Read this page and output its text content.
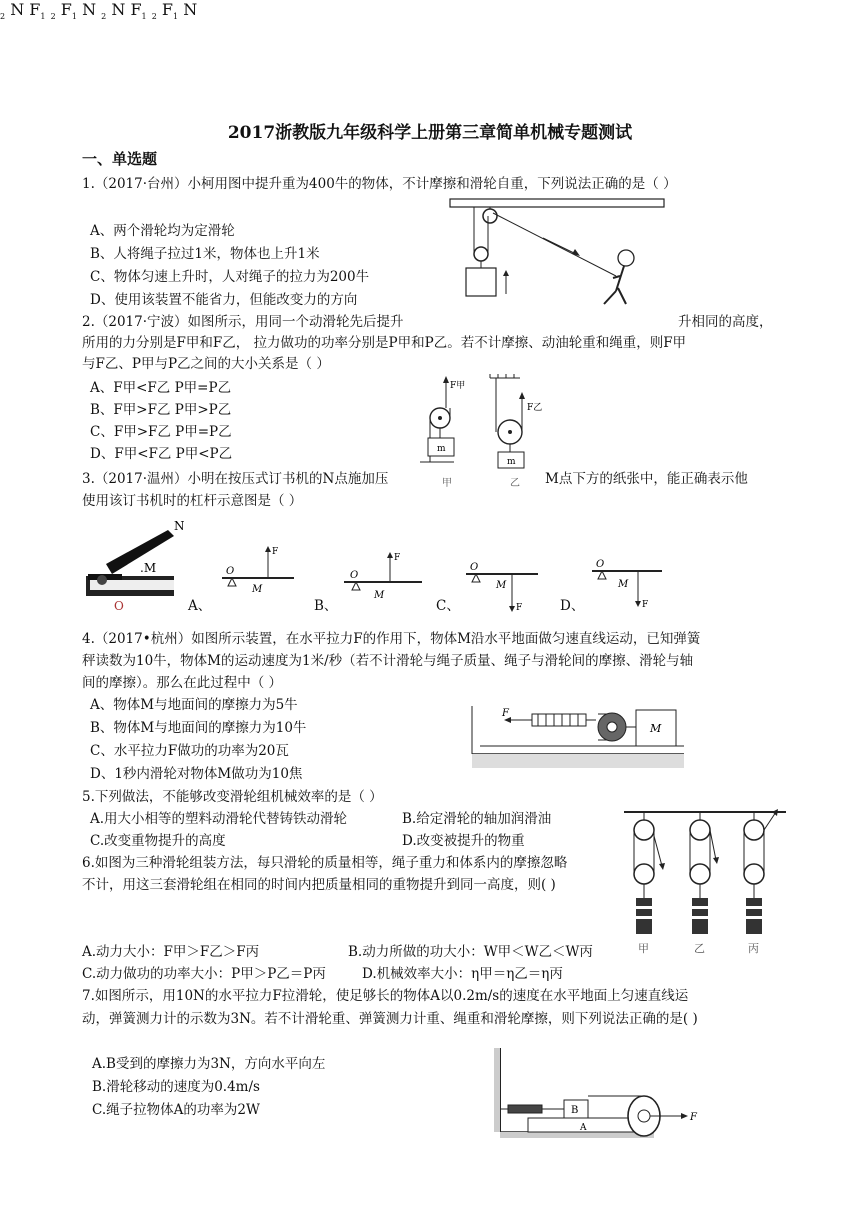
2017浙教版九年级科学上册第三章简单机械专题测试
一、单选题
1.（2017·台州）小柯用图中提升重为400牛的物体，不计摩擦和滑轮自重，下列说法正确的是（ ）
A、两个滑轮均为定滑轮
B、人将绳子拉过1米，物体也上升1米
C、物体匀速上升时，人对绳子的拉力为200牛
D、使用该装置不能省力，但能改变力的方向
2.（2017·宁波）如图所示，用同一个动滑轮先后提升	升相同的高度，
所用的力分别是F甲和F乙， 拉力做功的功率分别是P甲和P乙。若不计摩擦、动油轮重和绳重，则F甲
与F乙、P甲与P乙之间的大小关系是（ ）
A、F甲<F乙 P甲=P乙
B、F甲>F乙 P甲>P乙
C、F甲>F乙 P甲=P乙
D、F甲<F乙 P甲<P乙
F甲
m
F乙
m
甲	乙
3.（2017·温州）小明在按压式订书机的N点施加压	M点下方的纸张中，能正确表示他
使用该订书机时的杠杆示意图是（ ）
N
.M
O	A、	B、	C、	D、
O
M
F
$_2$ N $F_1$
O
M
F
$_2$ $F_1$ N
O
M
F
$_2$ N $F_1$
O
M
F
$_2$ $F_1$ N
4.（2017•杭州）如图所示装置，在水平拉力F的作用下，物体M沿水平地面做匀速直线运动，已知弹簧
秤读数为10牛，物体M的运动速度为1米/秒（若不计滑轮与绳子质量、绳子与滑轮间的摩擦、滑轮与轴
间的摩擦）。那么在此过程中（ ）
A、物体M与地面间的摩擦力为5牛
B、物体M与地面间的摩擦力为10牛
C、水平拉力F做功的功率为20瓦
D、1秒内滑轮对物体M做功为10焦
F
M
5.下列做法，不能够改变滑轮组机械效率的是（ ）
A.用大小相等的塑料动滑轮代替铸铁动滑轮	B.给定滑轮的轴加润滑油
C.改变重物提升的高度	D.改变被提升的物重
6.如图为三种滑轮组装方法，每只滑轮的质量相等，绳子重力和体系内的摩擦忽略
不计，用这三套滑轮组在相同的时间内把质量相同的重物提升到同一高度，则( )
A.动力大小：F甲＞F乙＞F丙	B.动力所做的功大小：W甲＜W乙＜W丙
C.动力做功的功率大小：P甲＞P乙＝P丙	D.机械效率大小：η甲＝η乙＝η丙
甲	乙	丙
7.如图所示，用10N的水平拉力F拉滑轮，使足够长的物体A以0.2m/s的速度在水平地面上匀速直线运
动，弹簧测力计的示数为3N。若不计滑轮重、弹簧测力计重、绳重和滑轮摩擦，则下列说法正确的是( )
A.B受到的摩擦力为3N，方向水平向左
B.滑轮移动的速度为0.4m/s
C.绳子拉物体A的功率为2W
A
B
F
